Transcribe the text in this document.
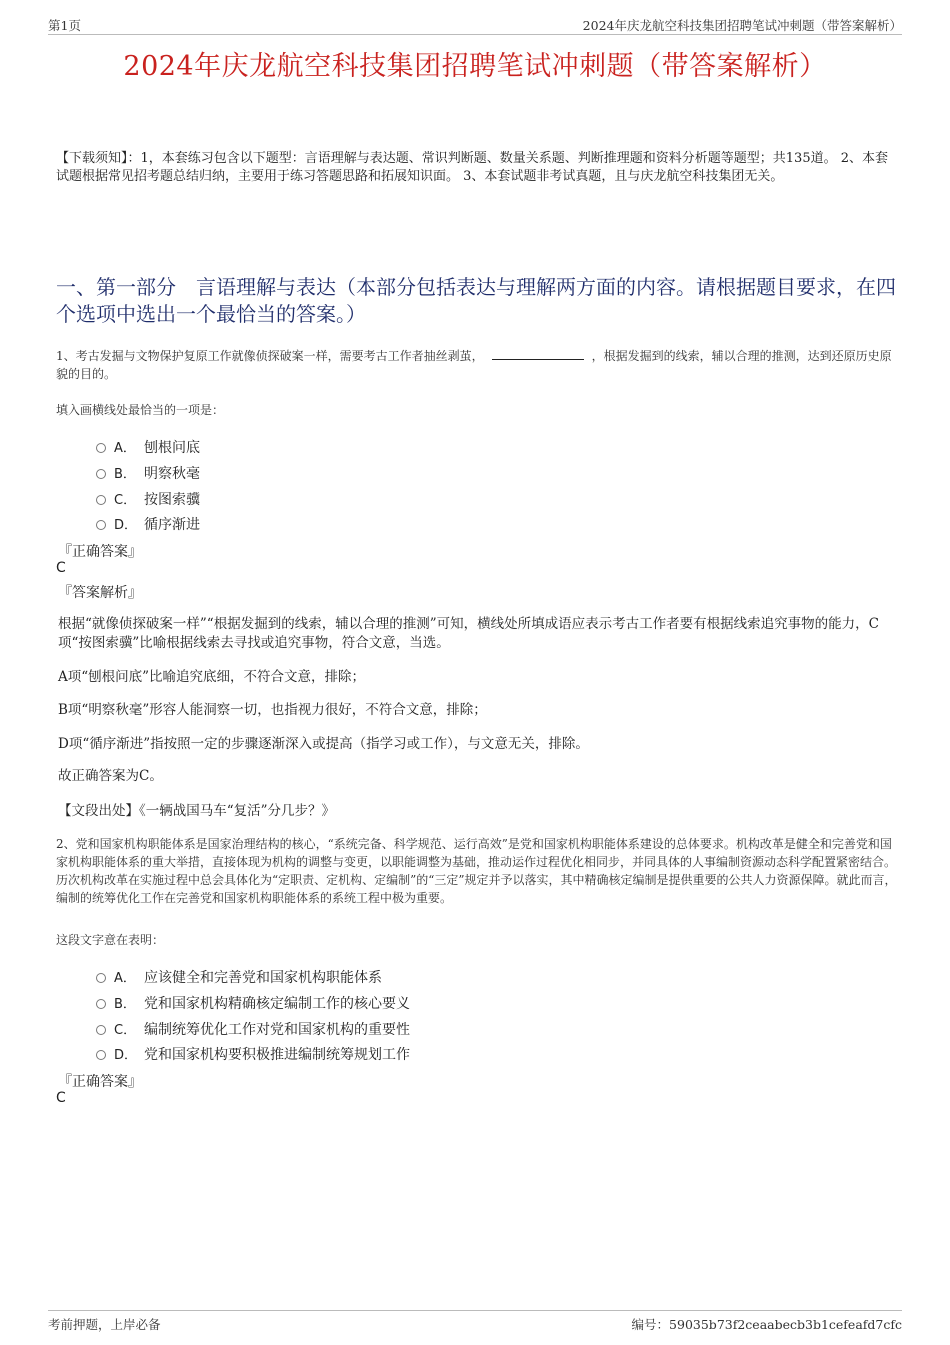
第1页	2024年庆龙航空科技集团招聘笔试冲刺题（带答案解析）
2024年庆龙航空科技集团招聘笔试冲刺题（带答案解析）
【下载须知】：1，本套练习包含以下题型：言语理解与表达题、常识判断题、数量关系题、判断推理题和资料分析题等题型；共135道。 2、本套试题根据常见招考题总结归纳，主要用于练习答题思路和拓展知识面。 3、本套试题非考试真题，且与庆龙航空科技集团无关。
一、第一部分　言语理解与表达（本部分包括表达与理解两方面的内容。请根据题目要求，在四个选项中选出一个最恰当的答案。）
1、考古发掘与文物保护复原工作就像侦探破案一样，需要考古工作者抽丝剥茧，	，根据发掘到的线索，辅以合理的推测，达到还原历史原貌的目的。
填入画横线处最恰当的一项是：
A． 刨根问底
B． 明察秋毫
C． 按图索骥
D． 循序渐进
『正确答案』
C
『答案解析』
根据“就像侦探破案一样”“根据发掘到的线索，辅以合理的推测”可知，横线处所填成语应表示考古工作者要有根据线索追究事物的能力，C项“按图索骥”比喻根据线索去寻找或追究事物，符合文意，当选。
A项“刨根问底”比喻追究底细，不符合文意，排除；
B项“明察秋毫”形容人能洞察一切，也指视力很好，不符合文意，排除；
D项“循序渐进”指按照一定的步骤逐渐深入或提高（指学习或工作），与文意无关，排除。
故正确答案为C。
【文段出处】《一辆战国马车“复活”分几步？》
2、党和国家机构职能体系是国家治理结构的核心，“系统完备、科学规范、运行高效”是党和国家机构职能体系建设的总体要求。机构改革是健全和完善党和国家机构职能体系的重大举措，直接体现为机构的调整与变更，以职能调整为基础，推动运作过程优化相同步，并同具体的人事编制资源动态科学配置紧密结合。历次机构改革在实施过程中总会具体化为“定职责、定机构、定编制”的“三定”规定并予以落实，其中精确核定编制是提供重要的公共人力资源保障。就此而言，编制的统筹优化工作在完善党和国家机构职能体系的系统工程中极为重要。
这段文字意在表明：
A． 应该健全和完善党和国家机构职能体系
B． 党和国家机构精确核定编制工作的核心要义
C． 编制统筹优化工作对党和国家机构的重要性
D． 党和国家机构要积极推进编制统筹规划工作
『正确答案』
C
考前押题，上岸必备	编号：59035b73f2ceaabecb3b1cefeafd7cfc
